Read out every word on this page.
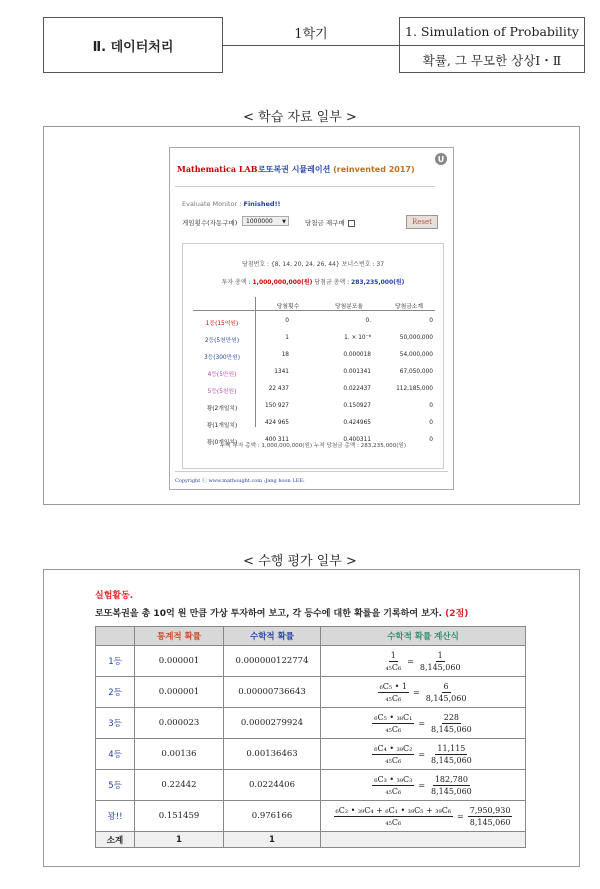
Ⅱ. 데이터처리
1학기	1. Simulation of Probability
확률, 그 무모한 상상Ⅰ・Ⅱ
< 학습 자료 일부 >
Mathematica LAB 로또복권 시뮬레이션 (reinvented 2017)
U
Evaluate Monitor : Finished!!
게임횟수(자동구매)	1000000 ▼	당첨금 재구매	Reset
당첨번호 : {8, 14, 20, 24, 26, 44} 보너스번호 : 37
투자 총액 : 1,000,000,000(원) 당첨금 총액 : 283,235,000(원)
당첨횟수	당첨분포율	당첨금소계
1등(15억원)	0	0.	0
2등(5천만원)	1	1. × 10⁻⁶	50,000,000
3등(300만원)	18	0.000018	54,000,000
4등(5만원)	1341	0.001341	67,050,000
5등(5천원)	22 437	0.022437	112,185,000
꽝(2개일치)	150 927	0.150927	0
꽝(1개일치)	424 965	0.424965	0
꽝(0개일치)	400 311	0.400311	0
누적 투자 총액 : 1,000,000,000(원) 누적 당첨금 총액 : 283,235,000(원)
Copyright ⓒ www.mathought.com :Jang hoon LEE:
< 수행 평가 일부 >
실험활동.
로또복권을 총 10억 원 만큼 가상 투자하여 보고, 각 등수에 대한 확률을 기록하여 보자. (2점)
	통계적 확률	수학적 확률	수학적 확률 계산식
1등	0.000001	0.000000122774	$\frac{1}{\text{₄₅C₆}} = \frac{1}{8,145,060}$

2등	0.000001	0.00000736643	$\frac{\text{₆C₅ • 1}}{\text{₄₅C₆}} = \frac{6}{8,145,060}$

3등	0.000023	0.0000279924	$\frac{\text{₆C₅ • ₃₈C₁}}{\text{₄₅C₆}} = \frac{228}{8,145,060}$

4등	0.00136	0.00136463	$\frac{\text{₆C₄ • ₃₉C₂}}{\text{₄₅C₆}} = \frac{11,115}{8,145,060}$

5등	0.22442	0.0224406	$\frac{\text{₆C₃ • ₃₉C₃}}{\text{₄₅C₆}} = \frac{182,780}{8,145,060}$

꽝!!	0.151459	0.976166	$\frac{\text{₆C₂ • ₃₉C₄ + ₆C₁ • ₃₉C₅ + ₃₉C₆}}{\text{₄₅C₆}} = \frac{7,950,930}{8,145,060}$

소계	1	1	
